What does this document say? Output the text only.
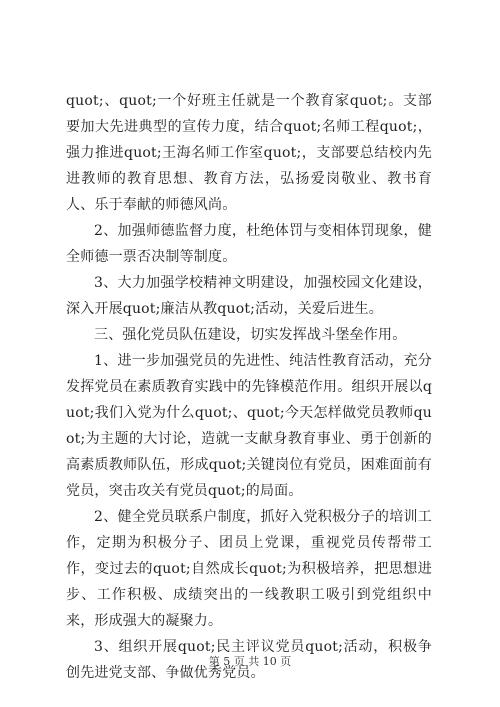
quot;、quot;一个好班主任就是一个教育家quot;。支部要加大先进典型的宣传力度，结合quot;名师工程quot;，强力推进quot;王海名师工作室quot;，支部要总结校内先进教师的教育思想、教育方法，弘扬爱岗敬业、教书育人、乐于奉献的师德风尚。

2、加强师德监督力度，杜绝体罚与变相体罚现象，健全师德一票否决制等制度。

3、大力加强学校精神文明建设，加强校园文化建设，深入开展quot;廉洁从教quot;活动，关爱后进生。

三、强化党员队伍建设，切实发挥战斗堡垒作用。

1、进一步加强党员的先进性、纯洁性教育活动，充分发挥党员在素质教育实践中的先锋模范作用。组织开展以quot;我们入党为什么quot;、quot;今天怎样做党员教师quot;为主题的大讨论，造就一支献身教育事业、勇于创新的高素质教师队伍，形成quot;关键岗位有党员，困难面前有党员，突击攻关有党员quot;的局面。

2、健全党员联系户制度，抓好入党积极分子的培训工作，定期为积极分子、团员上党课，重视党员传帮带工作，变过去的quot;自然成长quot;为积极培养，把思想进步、工作积极、成绩突出的一线教职工吸引到党组织中来，形成强大的凝聚力。

3、组织开展quot;民主评议党员quot;活动，积极争创先进党支部、争做优秀党员。

第 5 页 共 10 页
